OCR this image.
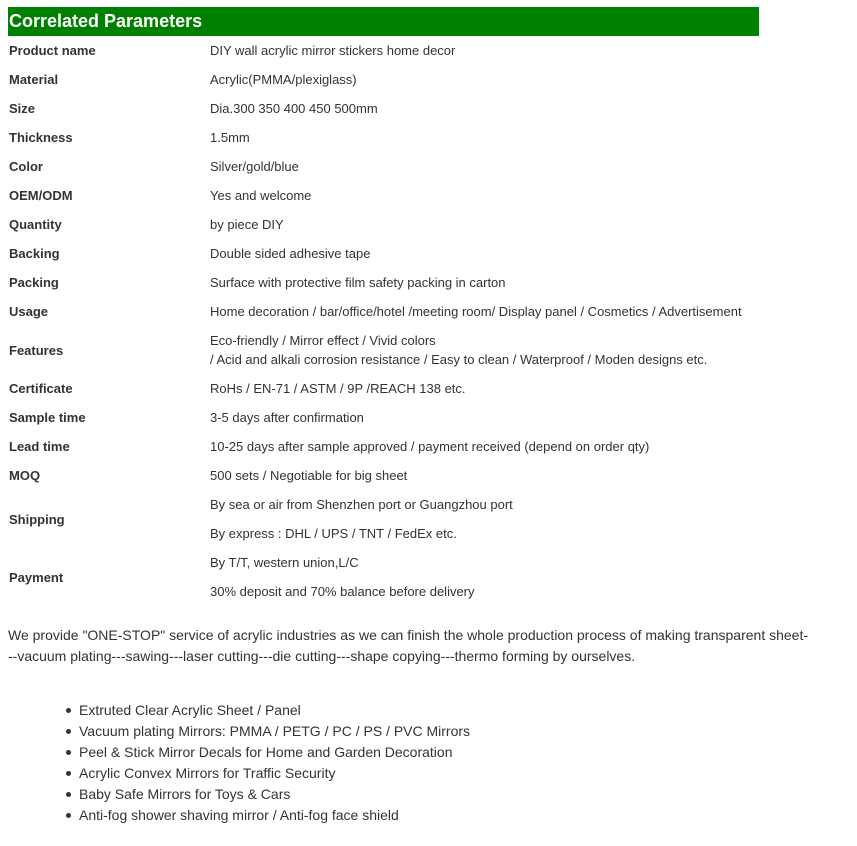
Correlated Parameters
Product name	DIY wall acrylic mirror stickers home decor

Material	Acrylic(PMMA/plexiglass)

Size	Dia.300 350 400 450 500mm

Thickness	1.5mm

Color	Silver/gold/blue

OEM/ODM	Yes and welcome

Quantity	by piece DIY

Backing	Double sided adhesive tape

Packing	Surface with protective film safety packing in carton

Usage	Home decoration / bar/office/hotel /meeting room/ Display panel / Cosmetics / Advertisement

Features	Eco-friendly / Mirror effect / Vivid colors
/ Acid and alkali corrosion resistance / Easy to clean / Waterproof / Moden designs etc.

Certificate	RoHs / EN-71 / ASTM / 9P /REACH 138 etc.

Sample time	3-5 days after confirmation

Lead time	10-25 days after sample approved / payment received (depend on order qty)

MOQ	500 sets / Negotiable for big sheet

Shipping	By sea or air from Shenzhen port or Guangzhou port
By express : DHL / UPS / TNT / FedEx etc.

Payment	By T/T, western union,L/C
30% deposit and 70% balance before delivery
We provide "ONE-STOP" service of acrylic industries as we can finish the whole production process of making transparent sheet---vacuum plating---sawing---laser cutting---die cutting---shape copying---thermo forming by ourselves.
Extruted Clear Acrylic Sheet / Panel
Vacuum plating Mirrors: PMMA / PETG / PC / PS / PVC Mirrors
Peel & Stick Mirror Decals for Home and Garden Decoration
Acrylic Convex Mirrors for Traffic Security
Baby Safe Mirrors for Toys & Cars
Anti-fog shower shaving mirror / Anti-fog face shield
